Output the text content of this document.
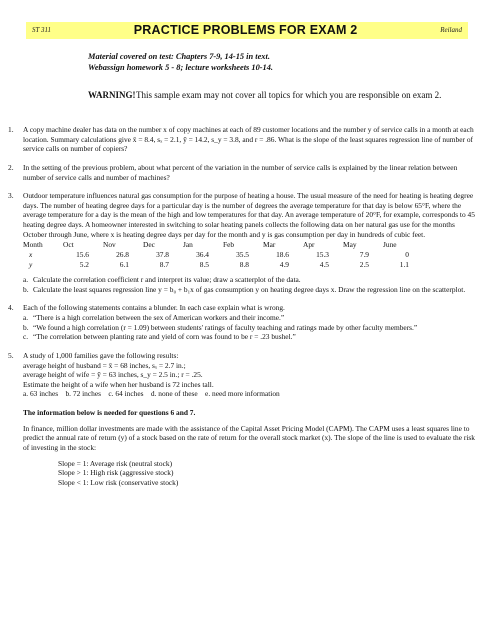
ST 311	PRACTICE PROBLEMS FOR EXAM 2	Reiland
Material covered on test: Chapters 7-9, 14-15 in text.
Webassign homework 5 - 8; lecture worksheets 10-14.
WARNING! This sample exam may not cover all topics for which you are responsible on exam 2.
1.	A copy machine dealer has data on the number x of copy machines at each of 89 customer locations and the number y of service calls in a month at each location. Summary calculations give x̄ = 8.4, sₓ = 2.1, ȳ = 14.2, s_y = 3.8, and r = .86. What is the slope of the least squares regression line of number of service calls on number of copiers?

2.	In the setting of the previous problem, about what percent of the variation in the number of service calls is explained by the linear relation between number of service calls and number of machines?

3.	Outdoor temperature influences natural gas consumption for the purpose of heating a house. The usual measure of the need for heating is heating degree days. The number of heating degree days for a particular day is the number of degrees the average temperature for that day is below 65°F, where the average temperature for a day is the mean of the high and low temperatures for that day. An average temperature of 20°F, for example, corresponds to 45 heating degree days. A homeowner interested in switching to solar heating panels collects the following data on her natural gas use for the months October through June, where x is heating degree days per day for the month and y is gas consumption per day in hundreds of cubic feet.

Month	Oct	Nov	Dec	Jan	Feb	Mar	Apr	May	June
x	15.6	26.8	37.8	36.4	35.5	18.6	15.3	7.9	0
y	5.2	6.1	8.7	8.5	8.8	4.9	4.5	2.5	1.1
a. Calculate the correlation coefficient r and interpret its value; draw a scatterplot of the data.
b. Calculate the least squares regression line y = b₀ + b₁x of gas consumption y on heating degree days x. Draw the regression line on the scatterplot.
4.	Each of the following statements contains a blunder. In each case explain what is wrong.

a. “There is a high correlation between the sex of American workers and their income.”
b. “We found a high correlation (r = 1.09) between students' ratings of faculty teaching and ratings made by other faculty members.”
c. “The correlation between planting rate and yield of corn was found to be r = .23 bushel.”
5.	A study of 1,000 families gave the following results:

average height of husband = x̄ = 68 inches, sₓ = 2.7 in.;

average height of wife = ȳ = 63 inches, s_y = 2.5 in.; r = .25.

Estimate the height of a wife when her husband is 72 inches tall.

a. 63 inches    b. 72 inches    c. 64 inches    d. none of these    e. need more information

The information below is needed for questions 6 and 7.
In finance, million dollar investments are made with the assistance of the Capital Asset Pricing Model (CAPM). The CAPM uses a least squares line to predict the annual rate of return (y) of a stock based on the rate of return for the overall stock market (x). The slope of the line is used to evaluate the risk of investing in the stock:
Slope = 1: Average risk (neutral stock)
Slope > 1: High risk (aggressive stock)
Slope < 1: Low risk (conservative stock)
